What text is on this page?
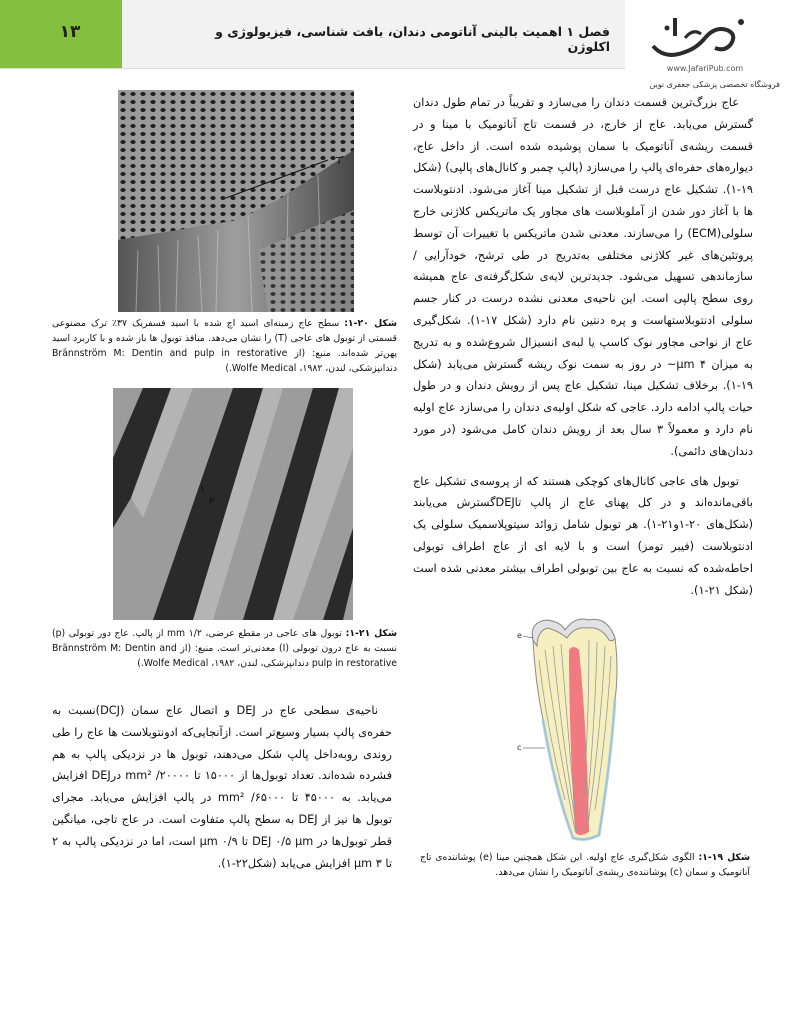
۱۳	فصل ۱ اهمیت بالینی آناتومی دندان، بافت شناسی، فیزیولوژی و اکلوژن
www.JafariPub.com
فروشگاه تخصصی پزشکی جعفری نوین

عاج بزرگ‌ترین قسمت دندان را می‌سازد و تقریباً در تمام طول دندان گسترش می‌یابد. عاج از خارج، در قسمت تاج آناتومیک با مینا و در قسمت ریشه‌ی آناتومیک با سمان پوشیده شده است. از داخل عاج، دیواره‌های حفره‌ای پالپ را می‌سازد (پالپ چمبر و کانال‌های پالپی) (شکل ۱۹-۱). تشکیل عاج درست قبل از تشکیل مینا آغاز می‌شود. ادنتوبلاست ها با آغاز دور شدن از آملوبلاست های مجاور یک ماتریکس کلاژنی خارج سلولی(ECM) را می‌سازند. معدنی شدن ماتریکس با تغییرات آن توسط پروتئین‌های غیر کلاژنی مختلفی به‌تدریج در طی ترشح، خودآرایی /سازماندهی تسهیل می‌شود. جدیدترین لایه‌ی شکل‌گرفته‌ی عاج همیشه روی سطح پالپی است. این ناحیه‌ی معدنی نشده درست در کنار جسم سلولی ادنتوبلاستهاست و پره دنتین نام دارد (شکل ۱۷-۱). شکل‌گیری عاج از نواحی مجاور نوک کاسپ یا لبه‌ی انسیزال شروع‌شده و به تدریج به میزان ۴ µm~ در روز به سمت نوک ریشه گسترش می‌یابد (شکل ۱۹-۱). برخلاف تشکیل مینا، تشکیل عاج پس از رویش دندان و در طول حیات پالپ ادامه دارد. عاجی که شکل اولیه‌ی دندان را می‌سازد عاج اولیه نام دارد و معمولاً ۳ سال بعد از رویش دندان کامل می‌شود (در مورد دندان‌های دائمی).

توبول های عاجی کانال‌های کوچکی هستند که از پروسه‌ی تشکیل عاج باقی‌مانده‌اند و در کل پهنای عاج از پالپ تاDEJگسترش می‌یابند (شکل‌های ۲۰-۱و۲۱-۱). هر توبول شامل زوائد سیتوپلاسمیک سلولی یک ادنتوبلاست (فیبر تومز) است و با لایه ای از عاج اطراف توبولی احاطه‌شده که نسبت به عاج بین توبولی اطراف بیشتر معدنی شده است (شکل ۲۱-۱).

T
شکل ۲۰-۱: سطح عاج زمینه‌ای اسید اچ شده با اسید فسفریک ۳۷٪ ترک مصنوعی قسمتی از توبول های عاجی (T) را نشان می‌دهد. منافذ توبول ها باز شده و با کاربرد اسید پهن‌تر شده‌اند. منبع: (از Brännström M: Dentin and pulp in restorative دندانپزشکی، لندن، ۱۹۸۲، Wolfe Medical.)
I
P
شکل ۲۱-۱: توبول های عاجی در مقطع عرضی، ۱/۲ mm از پالپ. عاج دور توبولی (p) نسبت به عاج درون توبولی (I) معدنی‌تر است. منبع: (از Brännström M: Dentin and pulp in restorative دندانپزشکی، لندن، ۱۹۸۲، Wolfe Medical.)

ناحیه‌ی سطحی عاج در DEJ و اتصال عاج سمان (DCJ)نسبت به حفره‌ی پالپ بسیار وسیع‌تر است. ازآنجایی‌که ادونتوبلاست ها عاج را طی روندی روبه‌داخل پالپ شکل می‌دهند، توبول ها در نزدیکی پالپ به هم فشرده شده‌اند. تعداد توبول‌ها از ۱۵۰۰۰ تا ۲۰۰۰۰/ mm² درDEJ افزایش می‌یابد. به ۴۵۰۰۰ تا ۶۵۰۰۰/ mm² در پالپ افزایش می‌یابد. مجرای توبول ها نیز از DEJ به سطح پالپ متفاوت است. در عاج تاجی، میانگین قطر توبول‌ها در DEJ ‎۰/۵ µm تا ۰/۹ µm است، اما در نزدیکی پالپ به ۲ تا ۳ µm افزایش می‌یابد (شکل۲۲-۱).

e
c
شکل ۱۹-۱: الگوی شکل‌گیری عاج اولیه. این شکل همچنین مینا (e) پوشاننده‌ی تاج آناتومیک و سمان (c) پوشاننده‌ی ریشه‌ی آناتومیک را نشان می‌دهد.
